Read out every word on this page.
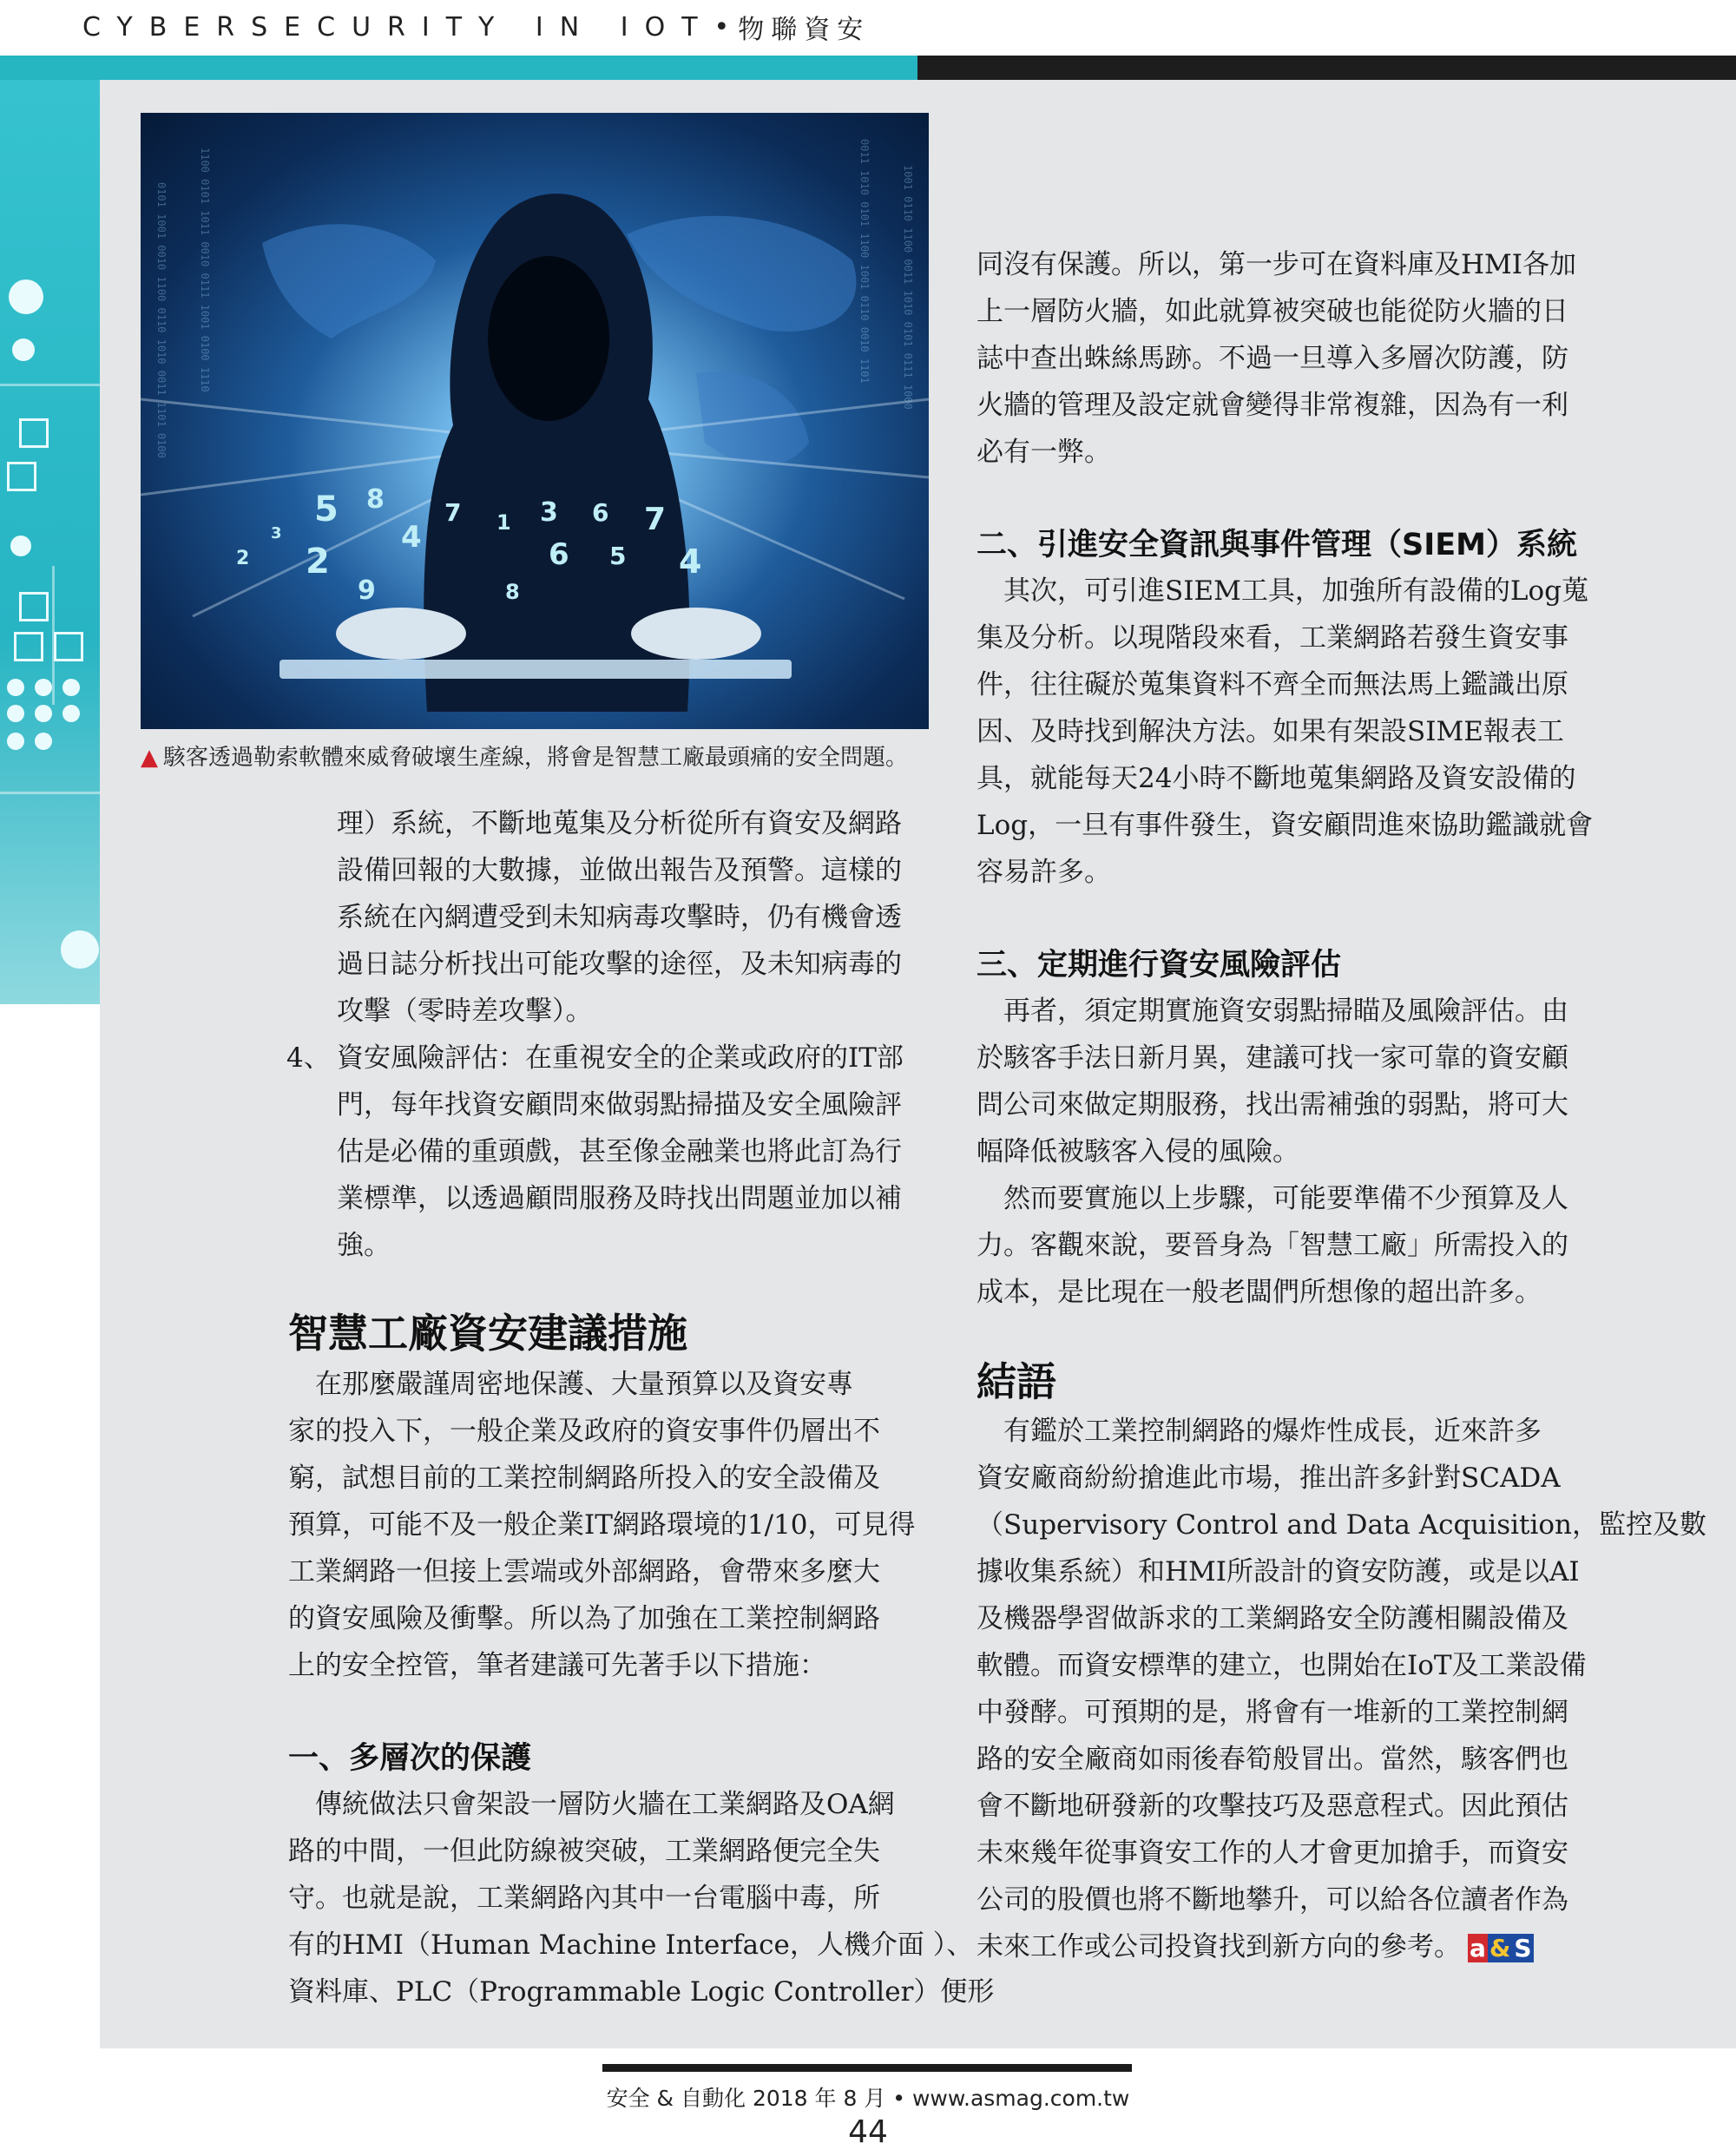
CYBERSECURITY IN IOT • 物聯資安
0101 1001 0010 1100 0110 1010 0011 1101 0100	1100 0101 1011 0010 0111 1001 0100 1110	0011 1010 0101 1100 1001 0110 0010 1101	1001 0110 1100 0011 1010 0101 0111 1000
5 8
4
7 1 3 6 7
2	6 5 4
9	8
2
3
▲ 駭客透過勒索軟體來威脅破壞生產線，將會是智慧工廠最頭痛的安全問題。
理）系統，不斷地蒐集及分析從所有資安及網路
設備回報的大數據，並做出報告及預警。這樣的
系統在內網遭受到未知病毒攻擊時，仍有機會透
過日誌分析找出可能攻擊的途徑，及未知病毒的
攻擊（零時差攻擊）。
4、 資安風險評估：在重視安全的企業或政府的IT部
門，每年找資安顧問來做弱點掃描及安全風險評
估是必備的重頭戲，甚至像金融業也將此訂為行
業標準，以透過顧問服務及時找出問題並加以補
強。
智慧工廠資安建議措施
　在那麼嚴謹周密地保護、大量預算以及資安專
家的投入下，一般企業及政府的資安事件仍層出不
窮，試想目前的工業控制網路所投入的安全設備及
預算，可能不及一般企業IT網路環境的1/10，可見得
工業網路一但接上雲端或外部網路，會帶來多麼大
的資安風險及衝擊。所以為了加強在工業控制網路
上的安全控管，筆者建議可先著手以下措施：
一、多層次的保護
　傳統做法只會架設一層防火牆在工業網路及OA網
路的中間，一但此防線被突破，工業網路便完全失
守。也就是說，工業網路內其中一台電腦中毒，所
有的HMI（Human Machine Interface，人機介面 ）、
資料庫、PLC（Programmable Logic Controller）便形
同沒有保護。所以，第一步可在資料庫及HMI各加
上一層防火牆，如此就算被突破也能從防火牆的日
誌中查出蛛絲馬跡。不過一旦導入多層次防護，防
火牆的管理及設定就會變得非常複雜，因為有一利
必有一弊。
二、引進安全資訊與事件管理（SIEM）系統
　其次，可引進SIEM工具，加強所有設備的Log蒐
集及分析。以現階段來看，工業網路若發生資安事
件，往往礙於蒐集資料不齊全而無法馬上鑑識出原
因、及時找到解決方法。如果有架設SIME報表工
具，就能每天24小時不斷地蒐集網路及資安設備的
Log，一旦有事件發生，資安顧問進來協助鑑識就會
容易許多。
三、定期進行資安風險評估
　再者，須定期實施資安弱點掃瞄及風險評估。由
於駭客手法日新月異，建議可找一家可靠的資安顧
問公司來做定期服務，找出需補強的弱點，將可大
幅降低被駭客入侵的風險。
　然而要實施以上步驟，可能要準備不少預算及人
力。客觀來說，要晉身為「智慧工廠」所需投入的
成本，是比現在一般老闆們所想像的超出許多。
結語
　有鑑於工業控制網路的爆炸性成長，近來許多
資安廠商紛紛搶進此市場，推出許多針對SCADA
（Supervisory Control and Data Acquisition，監控及數
據收集系統）和HMI所設計的資安防護，或是以AI
及機器學習做訴求的工業網路安全防護相關設備及
軟體。而資安標準的建立，也開始在IoT及工業設備
中發酵。可預期的是，將會有一堆新的工業控制網
路的安全廠商如雨後春筍般冒出。當然，駭客們也
會不斷地研發新的攻擊技巧及惡意程式。因此預估
未來幾年從事資安工作的人才會更加搶手，而資安
公司的股價也將不斷地攀升，可以給各位讀者作為
未來工作或公司投資找到新方向的參考。 a & S
安全 & 自動化 2018 年 8 月 • www.asmag.com.tw
44
